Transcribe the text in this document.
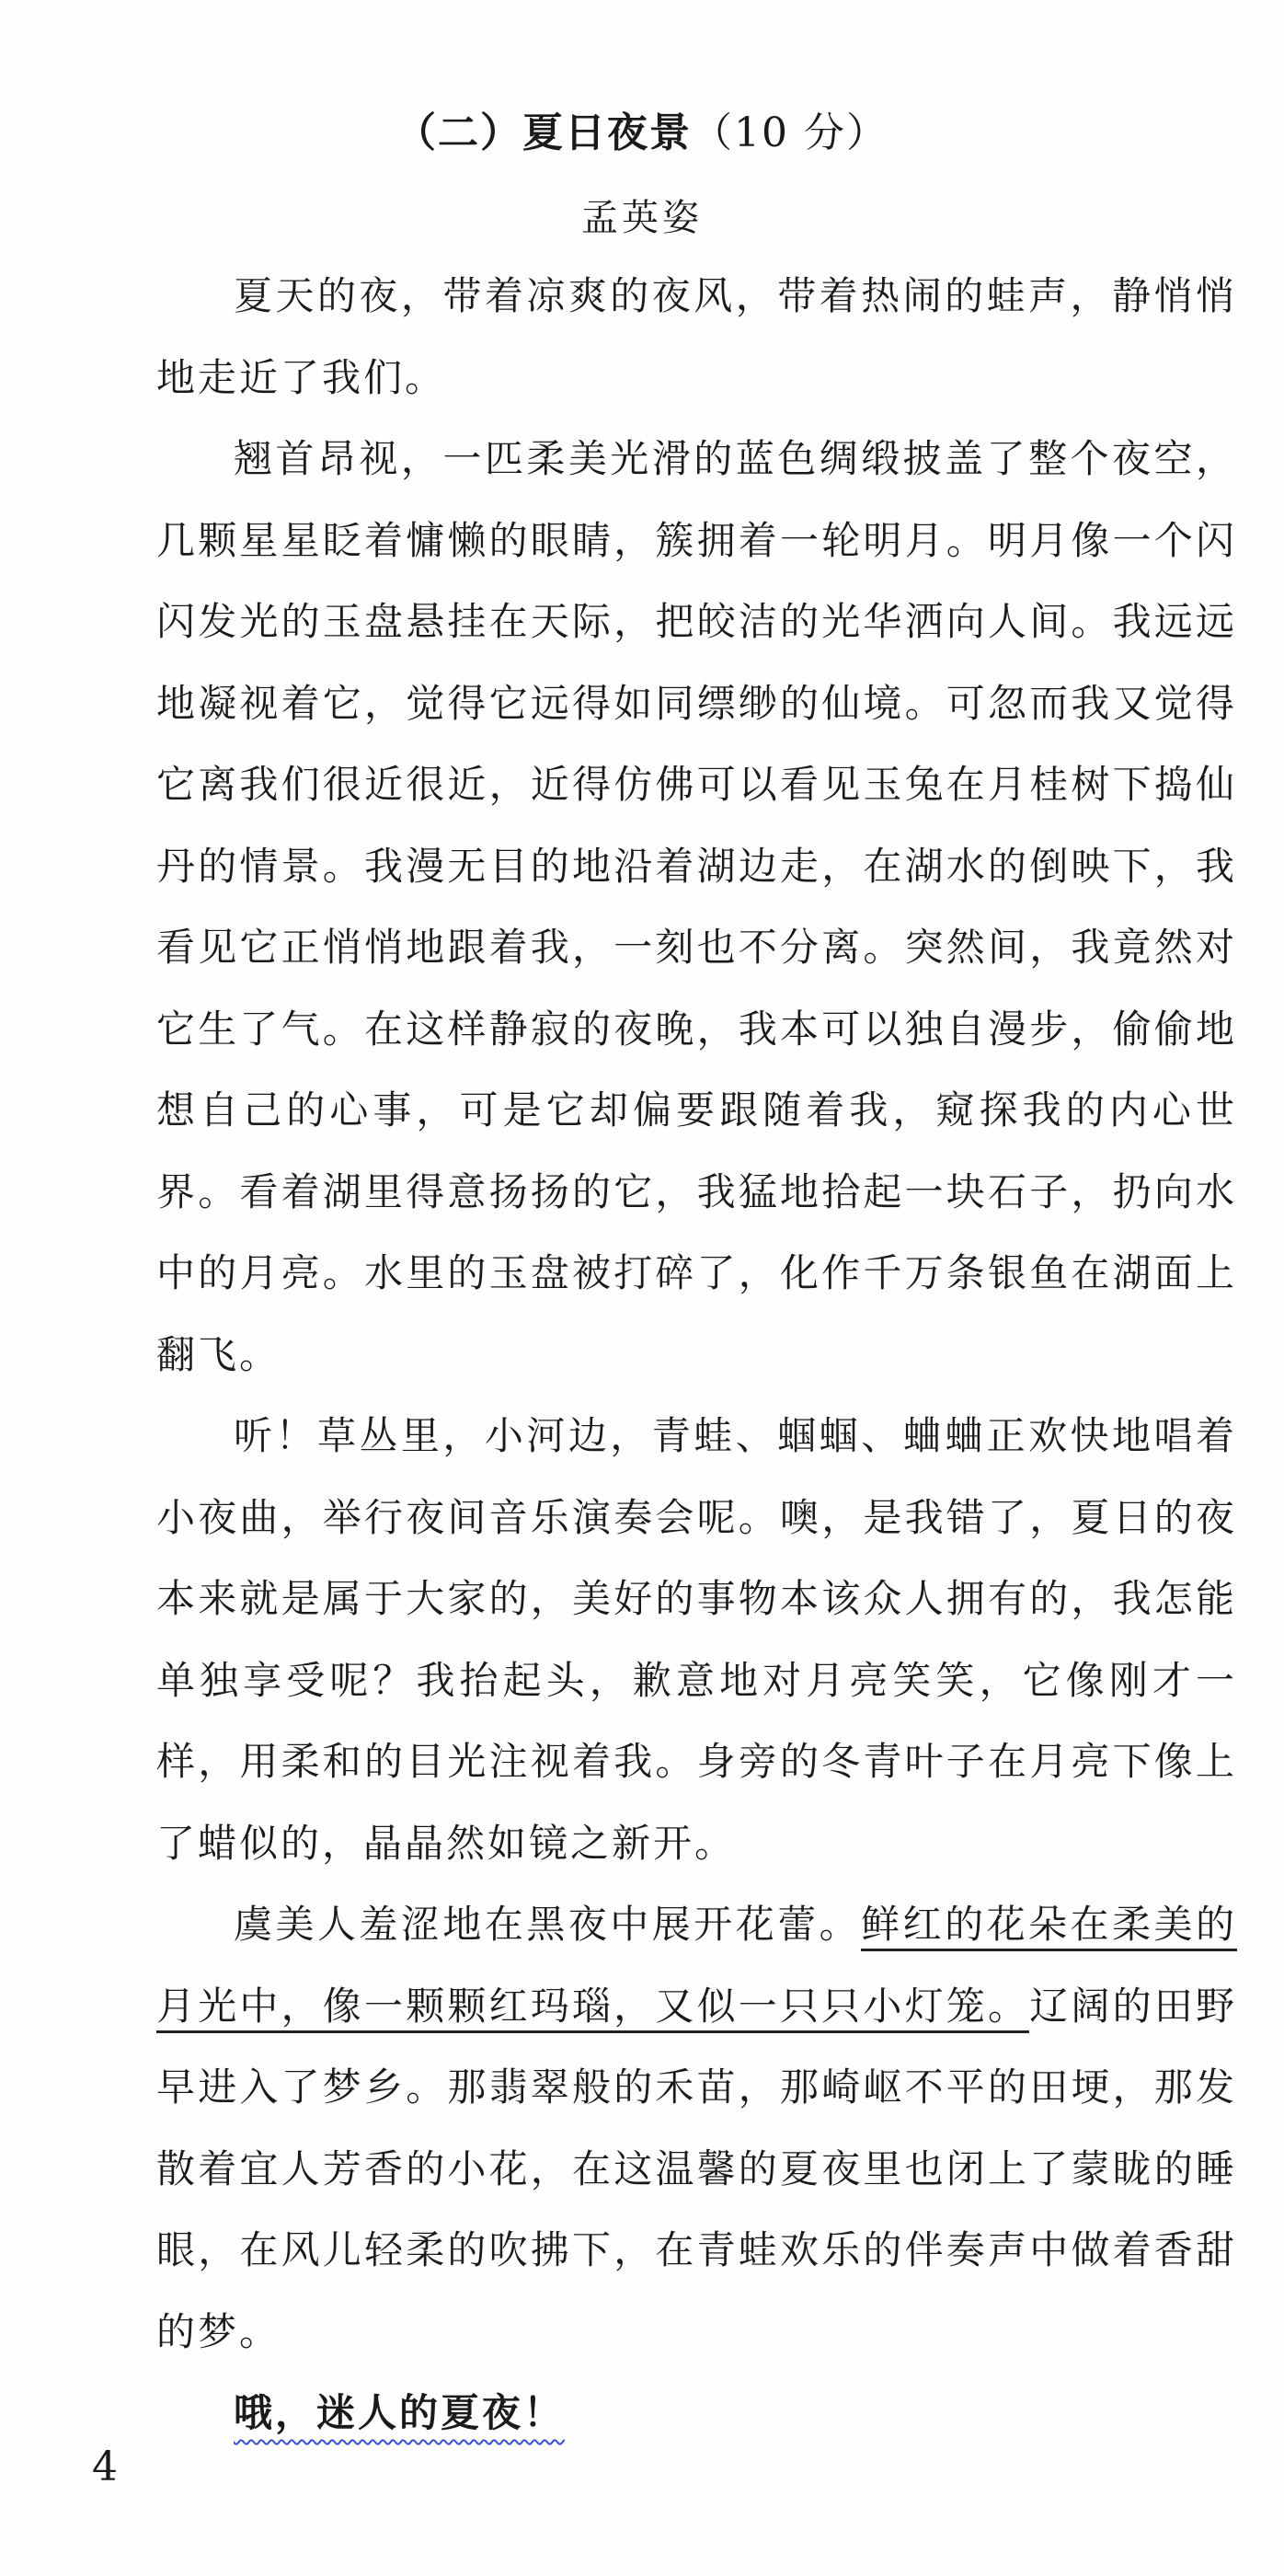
（二）夏日夜景（10 分）
孟英姿

夏天的夜，带着凉爽的夜风，带着热闹的蛙声，静悄悄地走近了我们。

翘首昂视，一匹柔美光滑的蓝色绸缎披盖了整个夜空，几颗星星眨着慵懒的眼睛，簇拥着一轮明月。明月像一个闪闪发光的玉盘悬挂在天际，把皎洁的光华洒向人间。我远远地凝视着它，觉得它远得如同缥缈的仙境。可忽而我又觉得它离我们很近很近，近得仿佛可以看见玉兔在月桂树下捣仙丹的情景。我漫无目的地沿着湖边走，在湖水的倒映下，我看见它正悄悄地跟着我，一刻也不分离。突然间，我竟然对它生了气。在这样静寂的夜晚，我本可以独自漫步，偷偷地想自己的心事，可是它却偏要跟随着我，窥探我的内心世界。看着湖里得意扬扬的它，我猛地拾起一块石子，扔向水中的月亮。水里的玉盘被打碎了，化作千万条银鱼在湖面上翻飞。

听！草丛里，小河边，青蛙、蝈蝈、蛐蛐正欢快地唱着小夜曲，举行夜间音乐演奏会呢。噢，是我错了，夏日的夜本来就是属于大家的，美好的事物本该众人拥有的，我怎能单独享受呢？我抬起头，歉意地对月亮笑笑，它像刚才一样，用柔和的目光注视着我。身旁的冬青叶子在月亮下像上了蜡似的，晶晶然如镜之新开。

虞美人羞涩地在黑夜中展开花蕾。鲜红的花朵在柔美的月光中，像一颗颗红玛瑙，又似一只只小灯笼。辽阔的田野早进入了梦乡。那翡翠般的禾苗，那崎岖不平的田埂，那发散着宜人芳香的小花，在这温馨的夏夜里也闭上了蒙眬的睡眼，在风儿轻柔的吹拂下，在青蛙欢乐的伴奏声中做着香甜的梦。

哦，迷人的夏夜！

4
